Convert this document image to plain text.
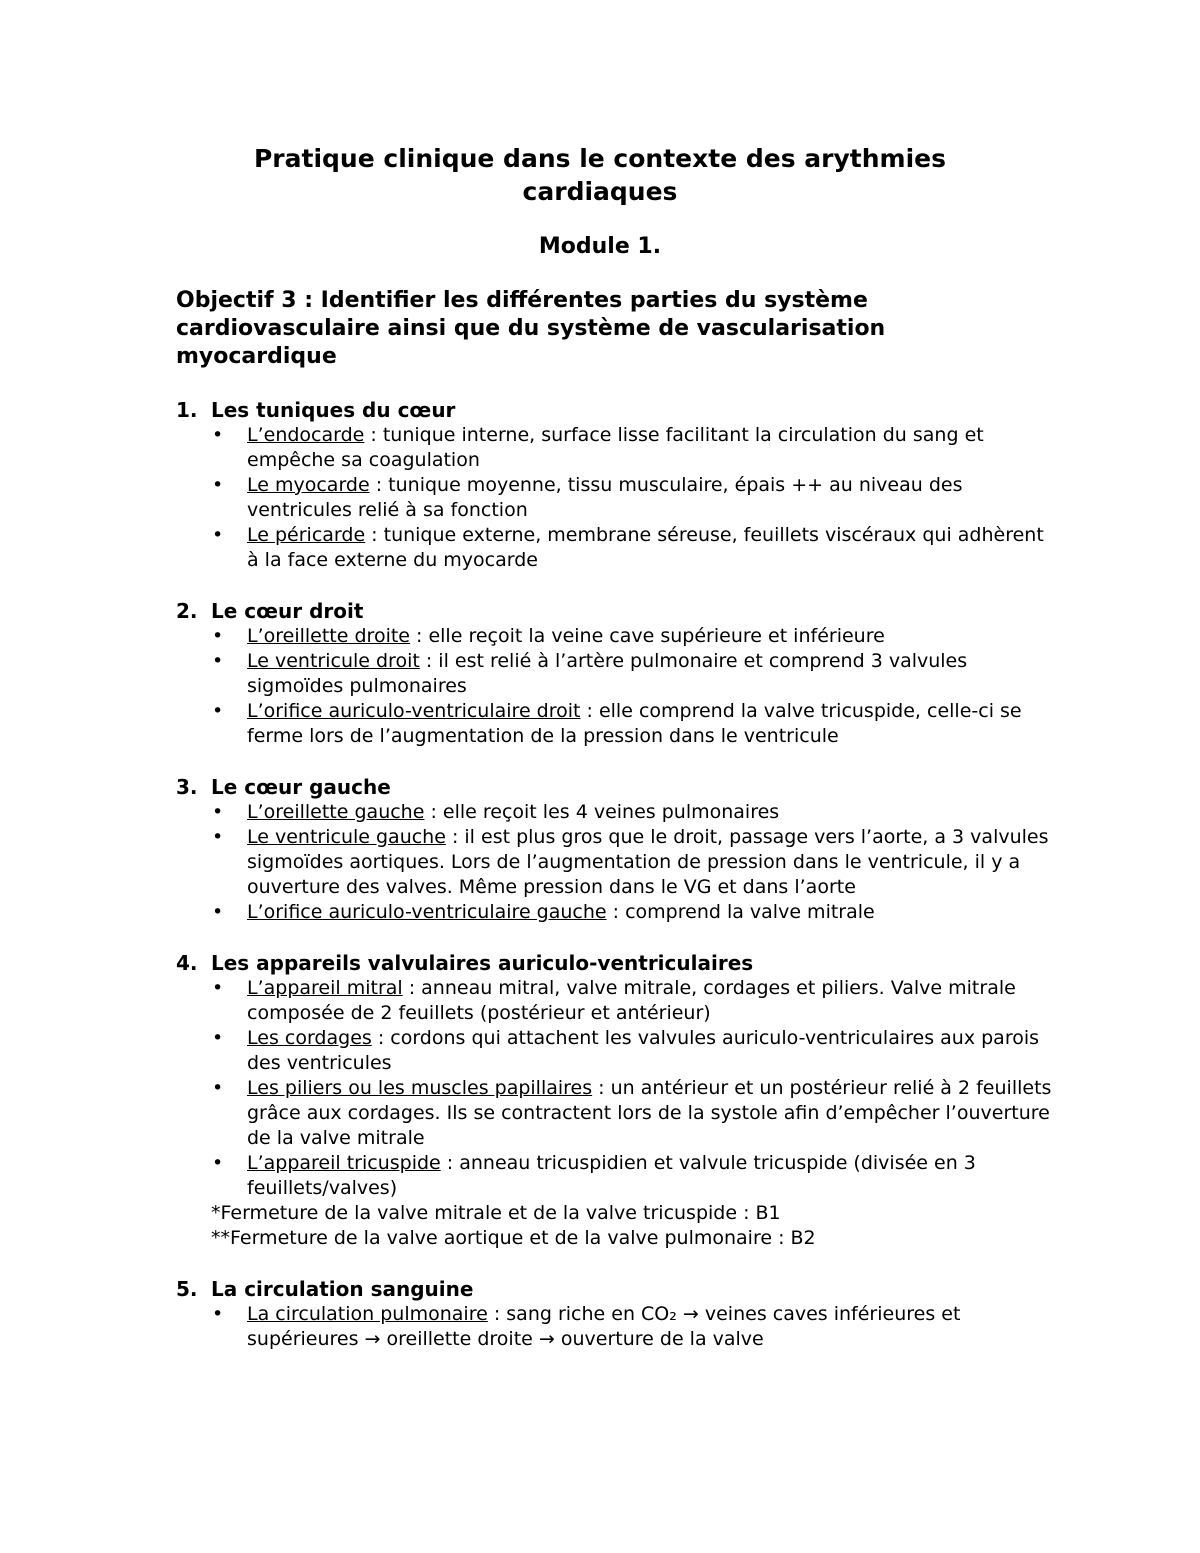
Pratique clinique dans le contexte des arythmies cardiaques
Module 1.
Objectif 3 : Identifier les différentes parties du système cardiovasculaire ainsi que du système de vascularisation myocardique
1. Les tuniques du cœur
• L’endocarde : tunique interne, surface lisse facilitant la circulation du sang et empêche sa coagulation
• Le myocarde : tunique moyenne, tissu musculaire, épais ++ au niveau des ventricules relié à sa fonction
• Le péricarde : tunique externe, membrane séreuse, feuillets viscéraux qui adhèrent à la face externe du myocarde
2. Le cœur droit
• L’oreillette droite : elle reçoit la veine cave supérieure et inférieure
• Le ventricule droit : il est relié à l’artère pulmonaire et comprend 3 valvules sigmoïdes pulmonaires
• L’orifice auriculo-ventriculaire droit : elle comprend la valve tricuspide, celle-ci se ferme lors de l’augmentation de la pression dans le ventricule
3. Le cœur gauche
• L’oreillette gauche : elle reçoit les 4 veines pulmonaires
• Le ventricule gauche : il est plus gros que le droit, passage vers l’aorte, a 3 valvules sigmoïdes aortiques. Lors de l’augmentation de pression dans le ventricule, il y a ouverture des valves. Même pression dans le VG et dans l’aorte
• L’orifice auriculo-ventriculaire gauche : comprend la valve mitrale
4. Les appareils valvulaires auriculo-ventriculaires
• L’appareil mitral : anneau mitral, valve mitrale, cordages et piliers. Valve mitrale composée de 2 feuillets (postérieur et antérieur)
• Les cordages : cordons qui attachent les valvules auriculo-ventriculaires aux parois des ventricules
• Les piliers ou les muscles papillaires : un antérieur et un postérieur relié à 2 feuillets grâce aux cordages. Ils se contractent lors de la systole afin d’empêcher l’ouverture de la valve mitrale
• L’appareil tricuspide : anneau tricuspidien et valvule tricuspide (divisée en 3 feuillets/valves)
*Fermeture de la valve mitrale et de la valve tricuspide : B1
**Fermeture de la valve aortique et de la valve pulmonaire : B2
5. La circulation sanguine
• La circulation pulmonaire : sang riche en CO₂ → veines caves inférieures et supérieures → oreillette droite → ouverture de la valve
